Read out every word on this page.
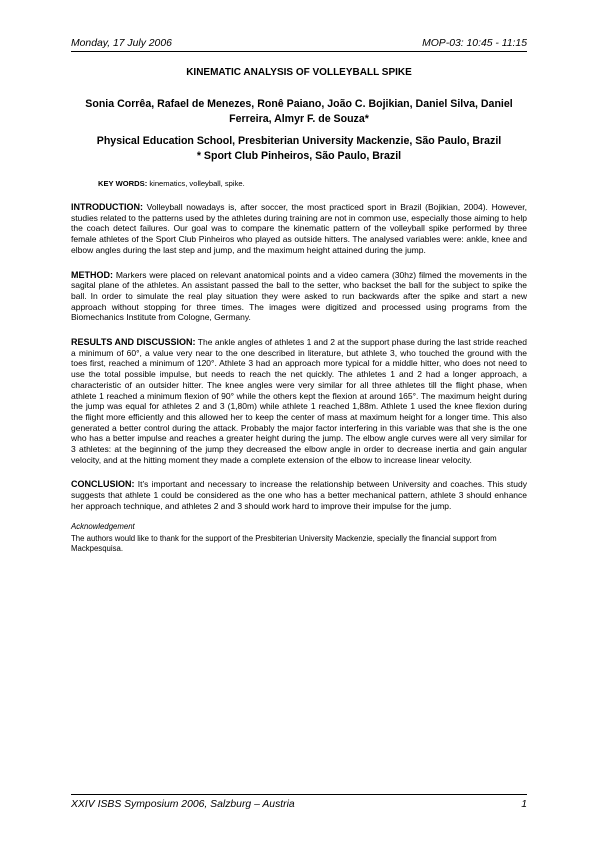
Monday, 17 July 2006	MOP-03: 10:45 - 11:15
KINEMATIC ANALYSIS OF VOLLEYBALL SPIKE
Sonia Corrêa, Rafael de Menezes, Ronê Paiano, João C. Bojikian, Daniel Silva, Daniel Ferreira, Almyr F. de Souza*
Physical Education School, Presbiterian University Mackenzie, São Paulo, Brazil
* Sport Club Pinheiros, São Paulo, Brazil
KEY WORDS: kinematics, volleyball, spike.

INTRODUCTION: Volleyball nowadays is, after soccer, the most practiced sport in Brazil (Bojikian, 2004). However, studies related to the patterns used by the athletes during training are not in common use, especially those aiming to help the coach detect failures. Our goal was to compare the kinematic pattern of the volleyball spike performed by three female athletes of the Sport Club Pinheiros who played as outside hitters. The analysed variables were: ankle, knee and elbow angles during the last step and jump, and the maximum height attained during the jump.

METHOD: Markers were placed on relevant anatomical points and a video camera (30hz) filmed the movements in the sagital plane of the athletes. An assistant passed the ball to the setter, who backset the ball for the subject to spike the ball. In order to simulate the real play situation they were asked to run backwards after the spike and start a new approach without stopping for three times. The images were digitized and processed using programs from the Biomechanics Institute from Cologne, Germany.

RESULTS AND DISCUSSION: The ankle angles of athletes 1 and 2 at the support phase during the last stride reached a minimum of 60°, a value very near to the one described in literature, but athlete 3, who touched the ground with the toes first, reached a minimum of 120°. Athlete 3 had an approach more typical for a middle hitter, who does not need to use the total possible impulse, but needs to reach the net quickly. The athletes 1 and 2 had a longer approach, a characteristic of an outsider hitter. The knee angles were very similar for all three athletes till the flight phase, when athlete 1 reached a minimum flexion of 90° while the others kept the flexion at around 165°. The maximum height during the jump was equal for athletes 2 and 3 (1,80m) while athlete 1 reached 1,88m. Athlete 1 used the knee flexion during the flight more efficiently and this allowed her to keep the center of mass at maximum height for a longer time. This also generated a better control during the attack. Probably the major factor interfering in this variable was that she is the one who has a better impulse and reaches a greater height during the jump. The elbow angle curves were all very similar for 3 athletes: at the beginning of the jump they decreased the elbow angle in order to decrease inertia and gain angular velocity, and at the hitting moment they made a complete extension of the elbow to increase linear velocity.

CONCLUSION: It’s important and necessary to increase the relationship between University and coaches. This study suggests that athlete 1 could be considered as the one who has a better mechanical pattern, athlete 3 should enhance her approach technique, and athletes 2 and 3 should work hard to improve their impulse for the jump.

Acknowledgement
The authors would like to thank for the support of the Presbiterian University Mackenzie, specially the financial support from Mackpesquisa.
XXIV ISBS Symposium 2006, Salzburg – Austria	1
